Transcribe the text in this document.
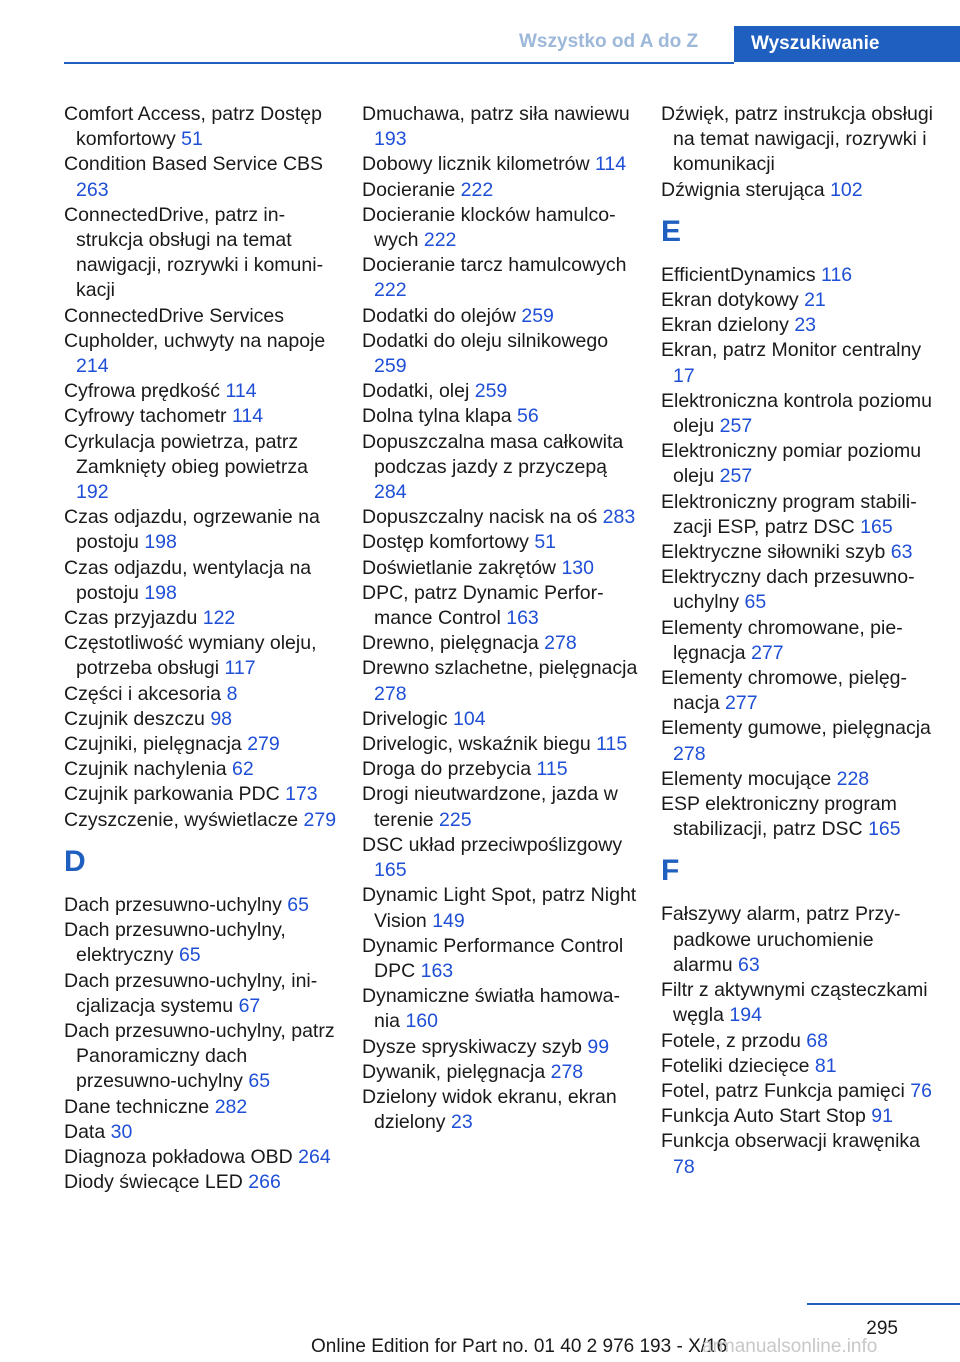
Wszystko od A do Z	Wyszukiwanie

Comfort Access, patrz Dostęp komfortowy 51

Condition Based Service CBS 263

ConnectedDrive, patrz instrukcja obsługi na temat nawigacji, rozrywki i komunikacji

ConnectedDrive Services

Cupholder, uchwyty na napoje 214

Cyfrowa prędkość 114

Cyfrowy tachometr 114

Cyrkulacja powietrza, patrz Zamknięty obieg powietrza 192

Czas odjazdu, ogrzewanie na postoju 198

Czas odjazdu, wentylacja na postoju 198

Czas przyjazdu 122

Częstotliwość wymiany oleju, potrzeba obsługi 117

Części i akcesoria 8

Czujnik deszczu 98

Czujniki, pielęgnacja 279

Czujnik nachylenia 62

Czujnik parkowania PDC 173

Czyszczenie, wyświetlacze 279

D

Dach przesuwno-uchylny 65

Dach przesuwno-uchylny, elektryczny 65

Dach przesuwno-uchylny, inicjalizacja systemu 67

Dach przesuwno-uchylny, patrz Panoramiczny dach przesuwno-uchylny 65

Dane techniczne 282

Data 30

Diagnoza pokładowa OBD 264

Diody świecące LED 266

Dmuchawa, patrz siła nawiewu 193

Dobowy licznik kilometrów 114

Docieranie 222

Docieranie klocków hamulcowych 222

Docieranie tarcz hamulcowych 222

Dodatki do olejów 259

Dodatki do oleju silnikowego 259

Dodatki, olej 259

Dolna tylna klapa 56

Dopuszczalna masa całkowita podczas jazdy z przyczepą 284

Dopuszczalny nacisk na oś 283

Dostęp komfortowy 51

Doświetlanie zakrętów 130

DPC, patrz Dynamic Performance Control 163

Drewno, pielęgnacja 278

Drewno szlachetne, pielęgnacja 278

Drivelogic 104

Drivelogic, wskaźnik biegu 115

Droga do przebycia 115

Drogi nieutwardzone, jazda w terenie 225

DSC układ przeciwpoślizgowy 165

Dynamic Light Spot, patrz Night Vision 149

Dynamic Performance Control DPC 163

Dynamiczne światła hamowania 160

Dysze spryskiwaczy szyb 99

Dywanik, pielęgnacja 278

Dzielony widok ekranu, ekran dzielony 23

Dźwięk, patrz instrukcja obsługi na temat nawigacji, rozrywki i komunikacji

Dźwignia sterująca 102

E

EfficientDynamics 116

Ekran dotykowy 21

Ekran dzielony 23

Ekran, patrz Monitor centralny 17

Elektroniczna kontrola poziomu oleju 257

Elektroniczny pomiar poziomu oleju 257

Elektroniczny program stabilizacji ESP, patrz DSC 165

Elektryczne siłowniki szyb 63

Elektryczny dach przesuwno-uchylny 65

Elementy chromowane, pielęgnacja 277

Elementy chromowe, pielęgnacja 277

Elementy gumowe, pielęgnacja 278

Elementy mocujące 228

ESP elektroniczny program stabilizacji, patrz DSC 165

F

Fałszywy alarm, patrz Przypadkowe uruchomienie alarmu 63

Filtr z aktywnymi cząsteczkami węgla 194

Fotele, z przodu 68

Foteliki dziecięce 81

Fotel, patrz Funkcja pamięci 76

Funkcja Auto Start Stop 91

Funkcja obserwacji krawęnika 78

295
Online Edition for Part no. 01 40 2 976 193 - X/16
armanualsonline.info
